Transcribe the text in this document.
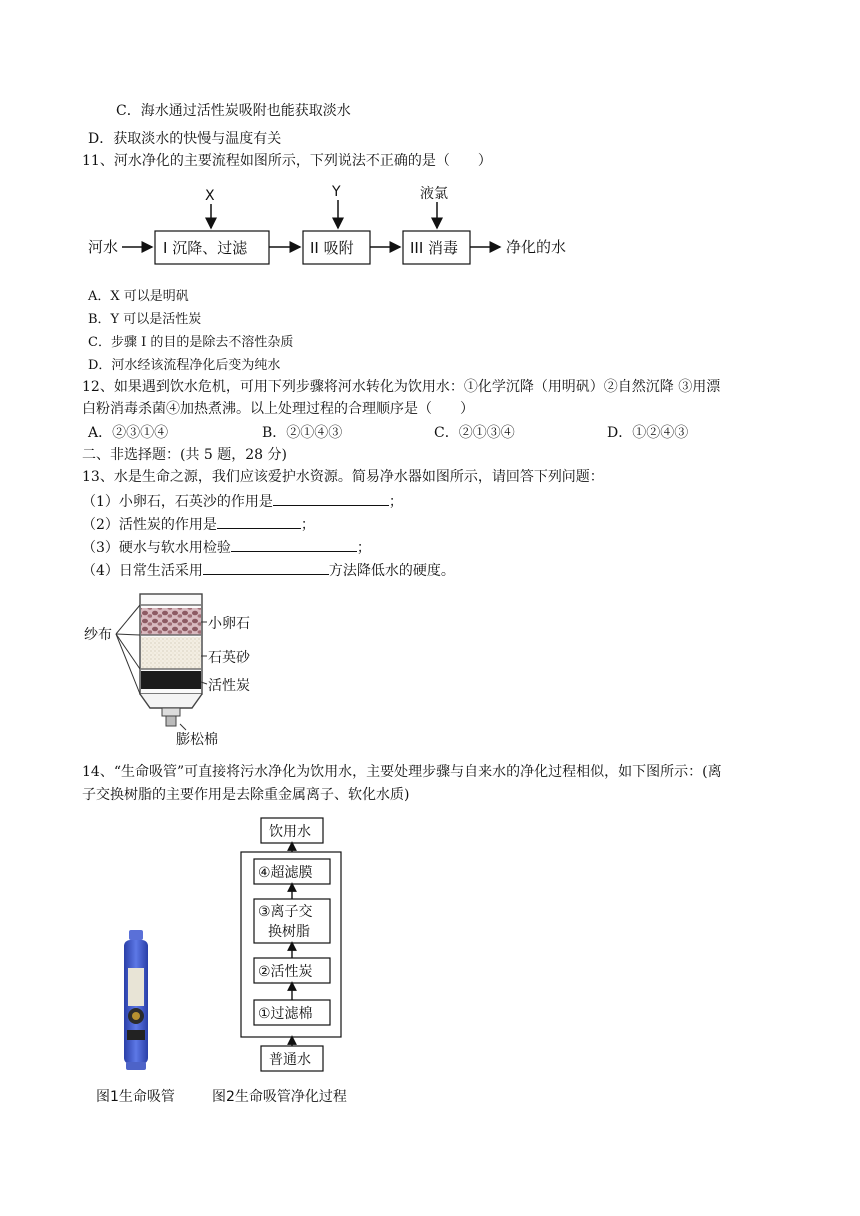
C．海水通过活性炭吸附也能获取淡水
D．获取淡水的快慢与温度有关
11、河水净化的主要流程如图所示，下列说法不正确的是（　　）
河水	I 沉降、过滤	II 吸附	III 消毒	净化的水
X	Y	液氯
A．X 可以是明矾
B．Y 可以是活性炭
C．步骤 I 的目的是除去不溶性杂质
D．河水经该流程净化后变为纯水
12、如果遇到饮水危机，可用下列步骤将河水转化为饮用水：①化学沉降（用明矾）②自然沉降 ③用漂
白粉消毒杀菌④加热煮沸。以上处理过程的合理顺序是（　　）
A．②③①④	B．②①④③	C．②①③④	D．①②④③
二、非选择题：(共 5 题，28 分)
13、水是生命之源，我们应该爱护水资源。简易净水器如图所示，请回答下列问题：
（1）小卵石，石英沙的作用是	；
（2）活性炭的作用是	；
（3）硬水与软水用检验	；
（4）日常生活采用	方法降低水的硬度。
纱布
小卵石
石英砂
活性炭
膨松棉
14、“生命吸管”可直接将污水净化为饮用水，主要处理步骤与自来水的净化过程相似，如下图所示：(离
子交换树脂的主要作用是去除重金属离子、软化水质)
饮用水
④超滤膜
③离子交
换树脂
②活性炭
①过滤棉
普通水
图1生命吸管	图2生命吸管净化过程
